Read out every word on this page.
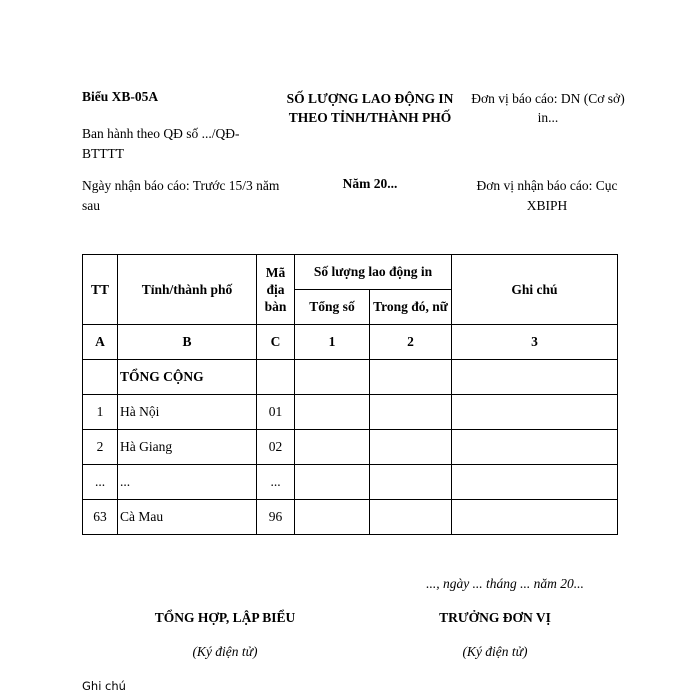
Biểu XB-05A
Ban hành theo QĐ số .../QĐ-BTTTT
Ngày nhận báo cáo: Trước 15/3 năm sau
SỐ LƯỢNG LAO ĐỘNG IN
THEO TỈNH/THÀNH PHỐ
Năm 20...
Đơn vị báo cáo: DN (Cơ sở) in...
Đơn vị nhận báo cáo: Cục XBIPH
TT	Tỉnh/thành phố	Mã địa bàn	Số lượng lao động in		Ghi chú
			Tổng số	Trong đó, nữ	
A	B	C	1	2	3
	TỔNG CỘNG				
1	Hà Nội	01			
2	Hà Giang	02			
...	...	...			
63	Cà Mau	96			
..., ngày ... tháng ... năm 20...
TỔNG HỢP, LẬP BIỂU
(Ký điện tử)
TRƯỞNG ĐƠN VỊ
(Ký điện tử)
Ghi chú
